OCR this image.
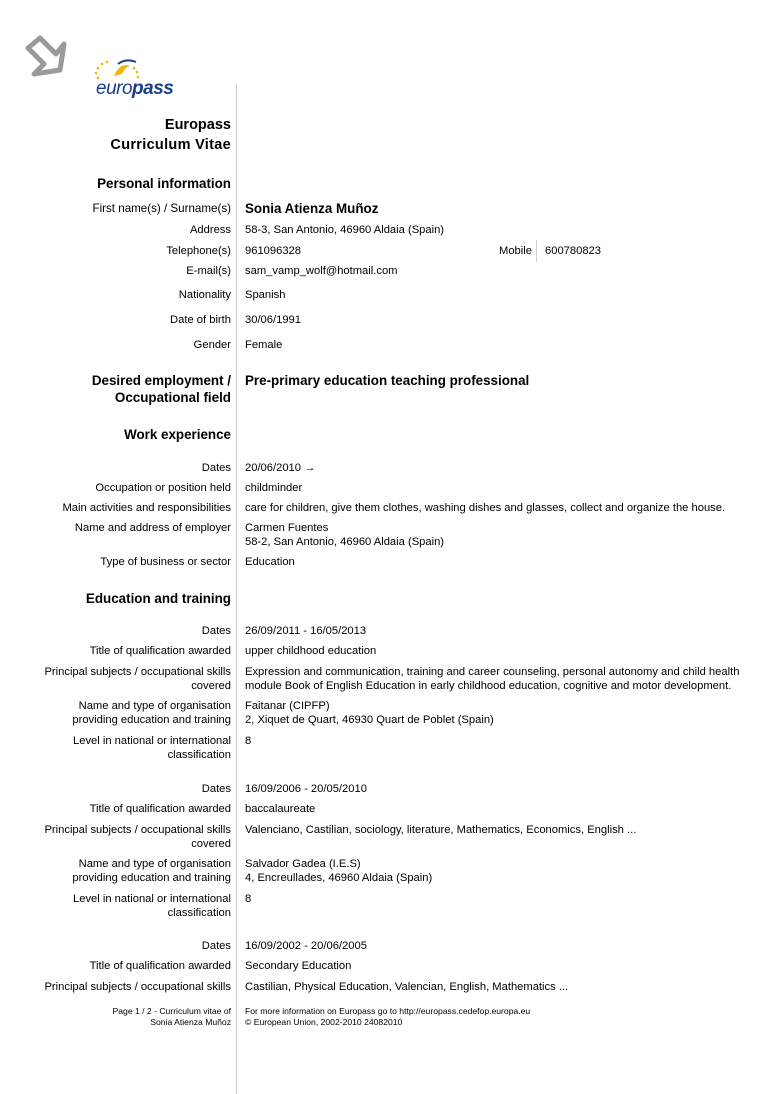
europass
Europass
Curriculum Vitae
Personal information
First name(s) / Surname(s) Sonia Atienza Muñoz
Address 58-3, San Antonio, 46960 Aldaia (Spain)
Telephone(s) 961096328	Mobile 600780823
E-mail(s) sam_vamp_wolf@hotmail.com
Nationality Spanish
Date of birth 30/06/1991
Gender Female
Desired employment /
Occupational field
Pre-primary education teaching professional
Work experience
Dates 20/06/2010 →
Occupation or position held childminder
Main activities and responsibilities care for children, give them clothes, washing dishes and glasses, collect and organize the house.
Name and address of employer Carmen Fuentes
58-2, San Antonio, 46960 Aldaia (Spain)
Type of business or sector Education
Education and training
Dates 26/09/2011 - 16/05/2013
Title of qualification awarded upper childhood education
Principal subjects / occupational skills
covered
Expression and communication, training and career counseling, personal autonomy and child health
module Book of English Education in early childhood education, cognitive and motor development.
Name and type of organisation
providing education and training
Faitanar (CIPFP)
2, Xiquet de Quart, 46930 Quart de Poblet (Spain)
Level in national or international
classification
8
Dates 16/09/2006 - 20/05/2010
Title of qualification awarded baccalaureate
Principal subjects / occupational skills
covered
Valenciano, Castilian, sociology, literature, Mathematics, Economics, English ...
Name and type of organisation
providing education and training
Salvador Gadea (I.E.S)
4, Encreullades, 46960 Aldaia (Spain)
Level in national or international
classification
8
Dates 16/09/2002 - 20/06/2005
Title of qualification awarded Secondary Education
Principal subjects / occupational skills Castilian, Physical Education, Valencian, English, Mathematics ...
Page 1 / 2 - Curriculum vitae of
Sonia Atienza Muñoz
For more information on Europass go to http://europass.cedefop.europa.eu
© European Union, 2002-2010 24082010
